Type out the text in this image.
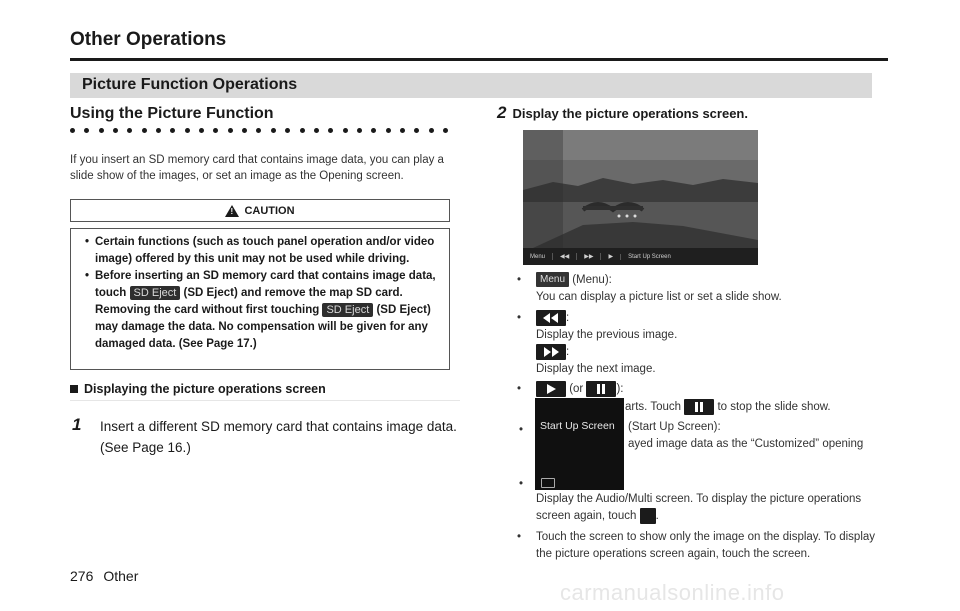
Other Operations
Picture Function Operations
Using the Picture Function
If you insert an SD memory card that contains image data, you can play a slide show of the images, or set an image as the Opening screen.
!
CAUTION
• Certain functions (such as touch panel operation and/or video image) offered by this unit may not be used while driving.
• Before inserting an SD memory card that contains image data, touch SD Eject (SD Eject) and remove the map SD card. Removing the card without first touching SD Eject (SD Eject) may damage the data. No compensation will be given for any damaged data. (See Page 17.)
Displaying the picture operations screen
1 Insert a different SD memory card that contains image data. (See Page 16.)
2 Display the picture operations screen.
Menu	◀◀	▶▶	▶	Start Up Screen
•	Menu (Menu):
You can display a picture list or set a slide show.
•	:
Display the previous image.
:
Display the next image.
•	(or	):
arts. Touch	to stop the slide show.
Start Up Screen
•	(Start Up Screen):
ayed image data as the “Customized” opening
•
Display the Audio/Multi screen. To display the picture operations screen again, touch .
• Touch the screen to show only the image on the display. To display the picture operations screen again, touch the screen.
276 Other
carmanualsonline.info
